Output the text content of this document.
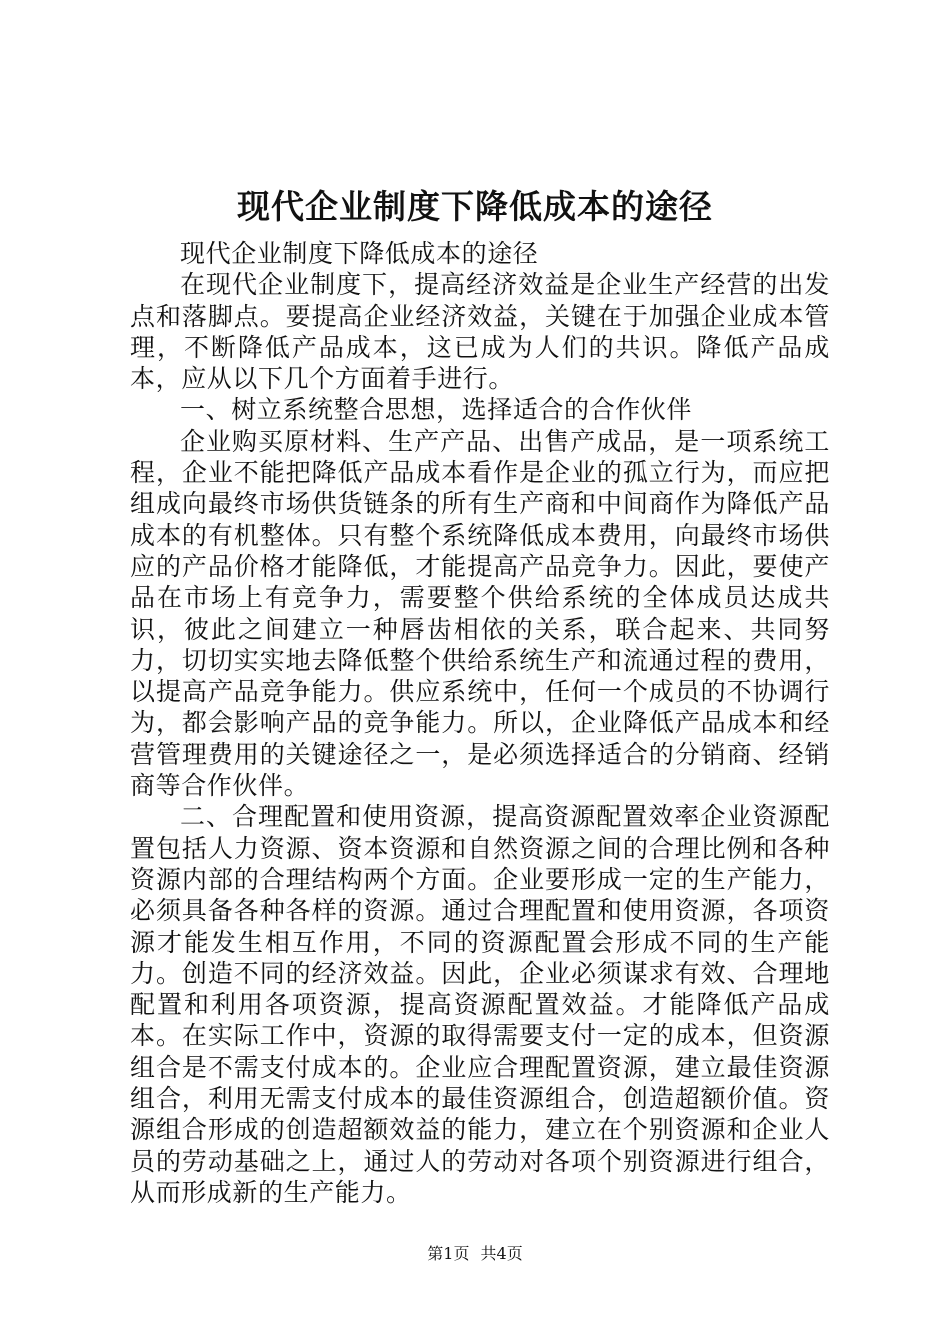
现代企业制度下降低成本的途径

现代企业制度下降低成本的途径

在现代企业制度下，提高经济效益是企业生产经营的出发点和落脚点。要提高企业经济效益，关键在于加强企业成本管理，不断降低产品成本，这已成为人们的共识。降低产品成本，应从以下几个方面着手进行。

一、树立系统整合思想，选择适合的合作伙伴

企业购买原材料、生产产品、出售产成品，是一项系统工程，企业不能把降低产品成本看作是企业的孤立行为，而应把组成向最终市场供货链条的所有生产商和中间商作为降低产品成本的有机整体。只有整个系统降低成本费用，向最终市场供应的产品价格才能降低，才能提高产品竞争力。因此，要使产品在市场上有竞争力，需要整个供给系统的全体成员达成共识，彼此之间建立一种唇齿相依的关系，联合起来、共同努力，切切实实地去降低整个供给系统生产和流通过程的费用，以提高产品竞争能力。供应系统中，任何一个成员的不协调行为，都会影响产品的竞争能力。所以，企业降低产品成本和经营管理费用的关键途径之一，是必须选择适合的分销商、经销商等合作伙伴。

二、合理配置和使用资源，提高资源配置效率企业资源配置包括人力资源、资本资源和自然资源之间的合理比例和各种资源内部的合理结构两个方面。企业要形成一定的生产能力，必须具备各种各样的资源。通过合理配置和使用资源，各项资源才能发生相互作用，不同的资源配置会形成不同的生产能力。创造不同的经济效益。因此，企业必须谋求有效、合理地配置和利用各项资源，提高资源配置效益。才能降低产品成本。在实际工作中，资源的取得需要支付一定的成本，但资源组合是不需支付成本的。企业应合理配置资源，建立最佳资源组合，利用无需支付成本的最佳资源组合，创造超额价值。资源组合形成的创造超额效益的能力，建立在个别资源和企业人员的劳动基础之上，通过人的劳动对各项个别资源进行组合，从而形成新的生产能力。

第1页 共4页
